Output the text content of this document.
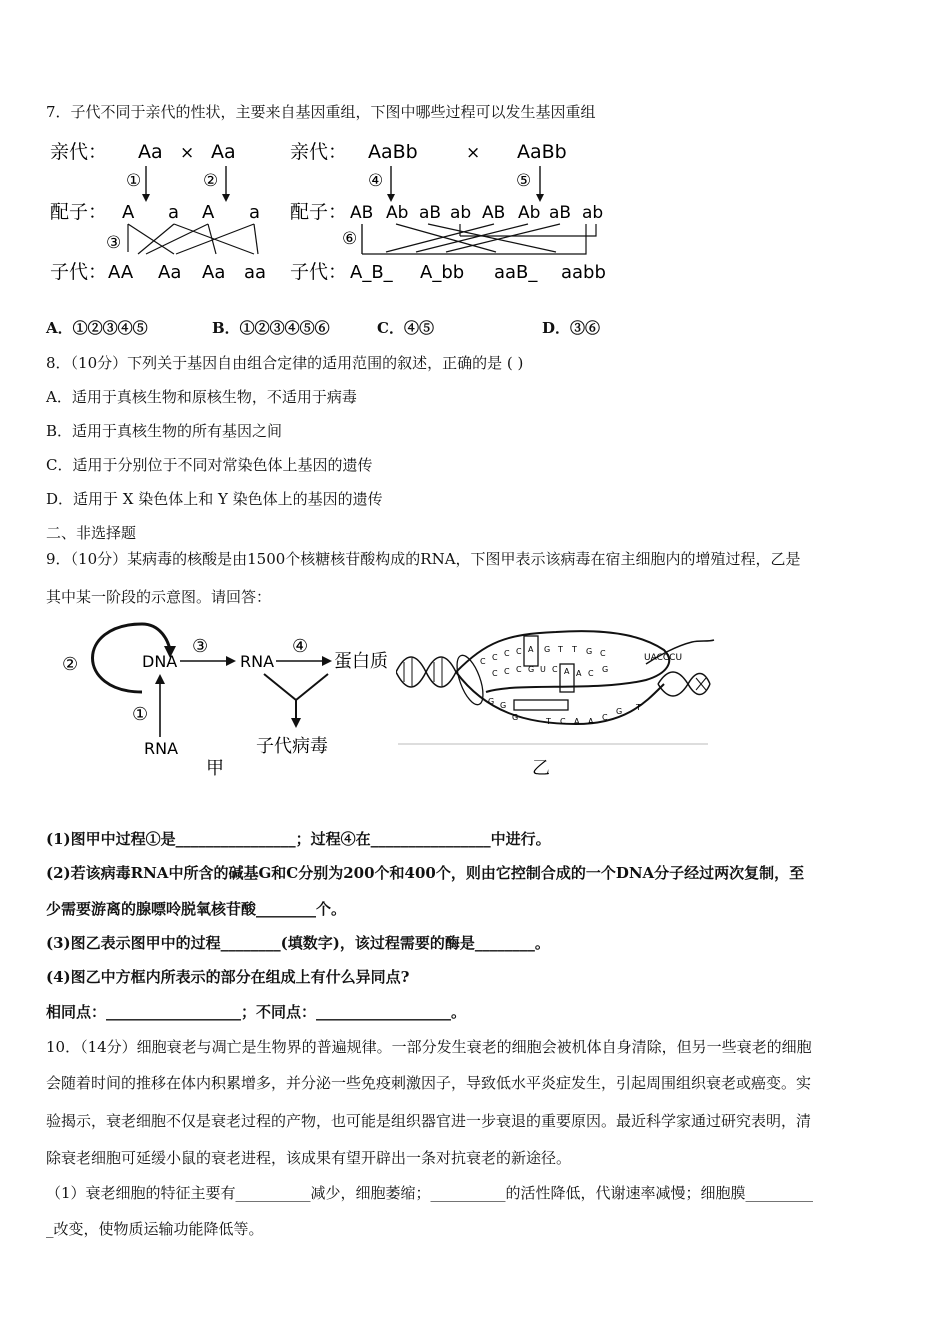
7．子代不同于亲代的性状，主要来自基因重组，下图中哪些过程可以发生基因重组
亲代： Aa × Aa
①	②
配子： A a A a
③
子代： AA Aa Aa aa
亲代： AaBb	× AaBb
④	⑤
配子： AB Ab aB ab AB Ab aB ab
⑥
子代： A_B_ A_bb aaB_ aabb
A．①②③④⑤	B．①②③④⑤⑥	C．④⑤	D．③⑥
8．（10分）下列关于基因自由组合定律的适用范围的叙述，正确的是 ( )
A．适用于真核生物和原核生物，不适用于病毒
B．适用于真核生物的所有基因之间
C．适用于分别位于不同对常染色体上基因的遗传
D．适用于 X 染色体上和 Y 染色体上的基因的遗传
二、非选择题
9．（10分）某病毒的核酸是由1500个核糖核苷酸构成的RNA，下图甲表示该病毒在宿主细胞内的增殖过程，乙是
其中某一阶段的示意图。请回答：
②	DNA
③
RNA
④
蛋白质
①
RNA	子代病毒
甲
C C C C A G T T G C
C C C G U C A A C G
G G
G	T C A A C
G
UACCCU
T
乙
(1)图甲中过程①是________________；过程④在________________中进行。
(2)若该病毒RNA中所含的碱基G和C分别为200个和400个，则由它控制合成的一个DNA分子经过两次复制，至
少需要游离的腺嘌呤脱氧核苷酸________个。
(3)图乙表示图甲中的过程________(填数字)，该过程需要的酶是________。
(4)图乙中方框内所表示的部分在组成上有什么异同点?
相同点：__________________；不同点：__________________。
10．（14分）细胞衰老与凋亡是生物界的普遍规律。一部分发生衰老的细胞会被机体自身清除，但另一些衰老的细胞
会随着时间的推移在体内积累增多，并分泌一些免疫刺激因子，导致低水平炎症发生，引起周围组织衰老或癌变。实
验揭示，衰老细胞不仅是衰老过程的产物，也可能是组织器官进一步衰退的重要原因。最近科学家通过研究表明，清
除衰老细胞可延缓小鼠的衰老进程，该成果有望开辟出一条对抗衰老的新途径。
（1）衰老细胞的特征主要有__________减少，细胞萎缩；__________的活性降低，代谢速率减慢；细胞膜_________
_改变，使物质运输功能降低等。
